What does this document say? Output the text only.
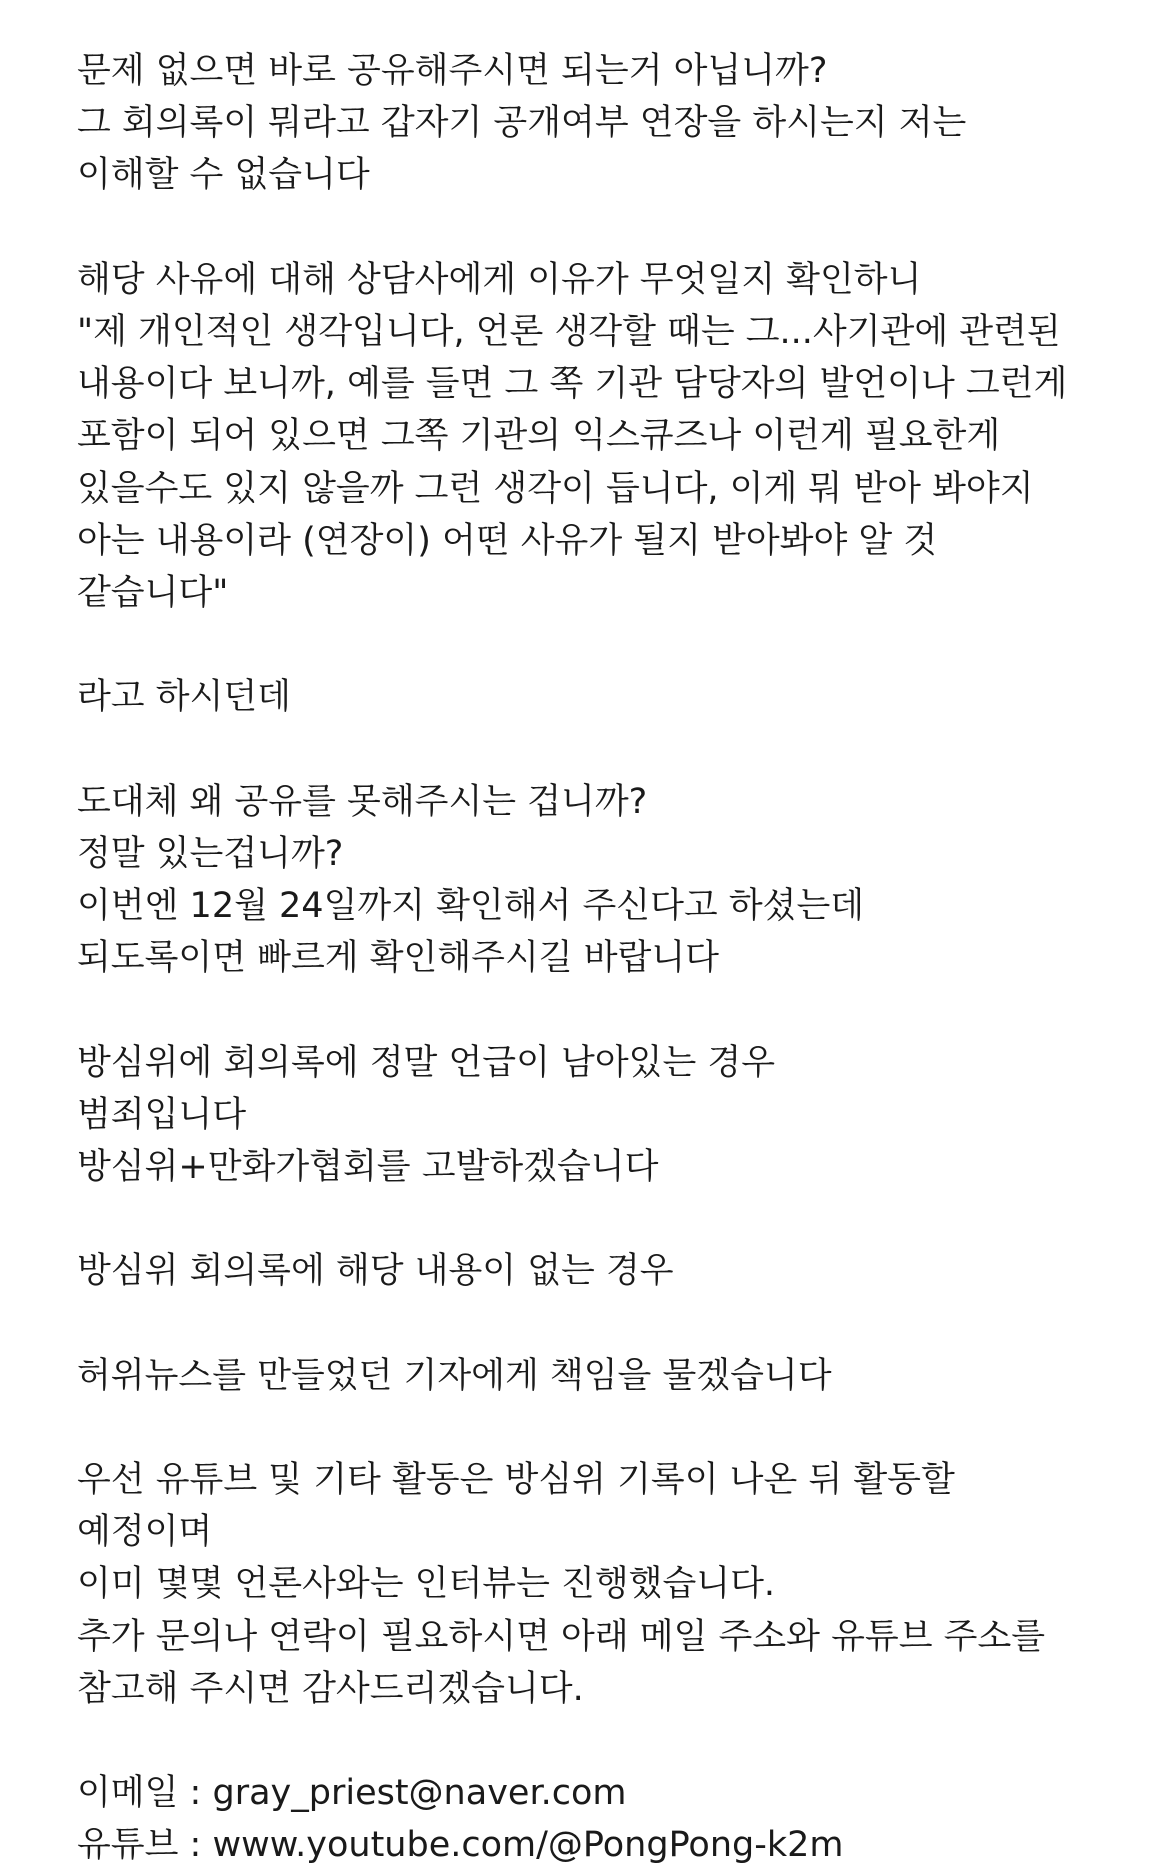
문제 없으면 바로 공유해주시면 되는거 아닙니까?
그 회의록이 뭐라고 갑자기 공개여부 연장을 하시는지 저는
이해할 수 없습니다
해당 사유에 대해 상담사에게 이유가 무엇일지 확인하니
"제 개인적인 생각입니다, 언론 생각할 때는 그...사기관에 관련된
내용이다 보니까, 예를 들면 그 쪽 기관 담당자의 발언이나 그런게
포함이 되어 있으면 그쪽 기관의 익스큐즈나 이런게 필요한게
있을수도 있지 않을까 그런 생각이 듭니다, 이게 뭐 받아 봐야지
아는 내용이라 (연장이) 어떤 사유가 될지 받아봐야 알 것
같습니다"
라고 하시던데
도대체 왜 공유를 못해주시는 겁니까?
정말 있는겁니까?
이번엔 12월 24일까지 확인해서 주신다고 하셨는데
되도록이면 빠르게 확인해주시길 바랍니다
방심위에 회의록에 정말 언급이 남아있는 경우
범죄입니다
방심위+만화가협회를 고발하겠습니다
방심위 회의록에 해당 내용이 없는 경우
허위뉴스를 만들었던 기자에게 책임을 물겠습니다
우선 유튜브 및 기타 활동은 방심위 기록이 나온 뒤 활동할
예정이며
이미 몇몇 언론사와는 인터뷰는 진행했습니다.
추가 문의나 연락이 필요하시면 아래 메일 주소와 유튜브 주소를
참고해 주시면 감사드리겠습니다.
이메일 : gray_priest@naver.com
유튜브 : www.youtube.com/@PongPong-k2m
